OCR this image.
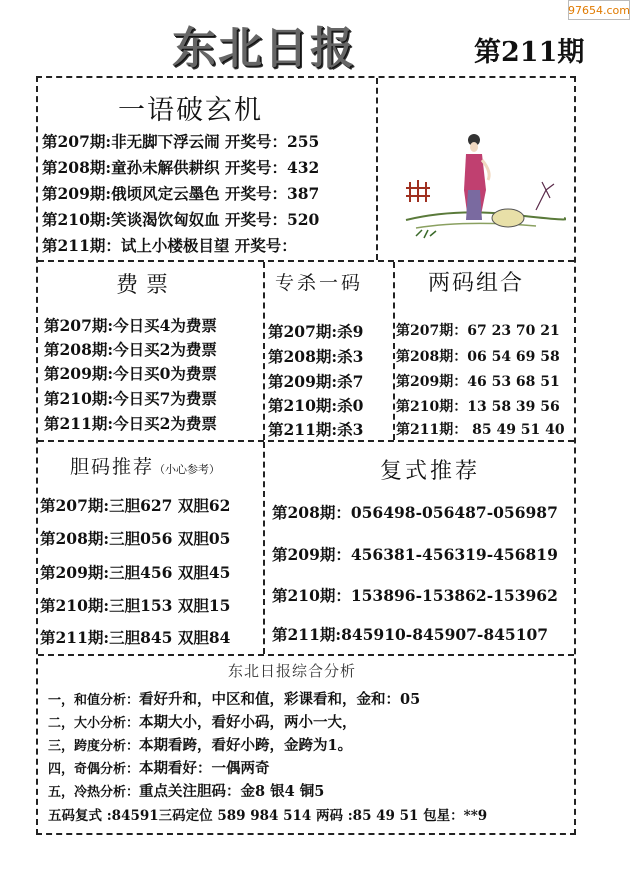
97654.com
东北日报	第211期
一语破玄机
第207期:非无脚下浮云闹 开奖号：255
第208期:童孙未解供耕织 开奖号：432
第209期:俄顷风定云墨色 开奖号：387
第210期:笑谈渴饮匈奴血 开奖号：520
第211期：试上小楼极目望 开奖号：
费票
第207期:今日买4为费票
第208期:今日买2为费票
第209期:今日买0为费票
第210期:今日买7为费票
第211期:今日买2为费票
专杀一码
第207期:杀9
第208期:杀3
第209期:杀7
第210期:杀0
第211期:杀3
两码组合
第207期：67 23 70 21
第208期：06 54 69 58
第209期：46 53 68 51
第210期：13 58 39 56
第211期： 85 49 51 40
胆码推荐（小心参考）
第207期:三胆627 双胆62
第208期:三胆056 双胆05
第209期:三胆456 双胆45
第210期:三胆153 双胆15
第211期:三胆845 双胆84
复式推荐
第208期：056498-056487-056987
第209期：456381-456319-456819
第210期：153896-153862-153962
第211期:845910-845907-845107
东北日报综合分析
一，和值分析：看好升和，中区和值，彩课看和，金和：05
二，大小分析：本期大小，看好小码，两小一大，
三，跨度分析：本期看跨，看好小跨，金跨为1。
四，奇偶分析：本期看好：一偶两奇
五，冷热分析：重点关注胆码：金8 银4 铜5
五码复式 :84591三码定位 589 984 514 两码 :85 49 51 包星：**9
